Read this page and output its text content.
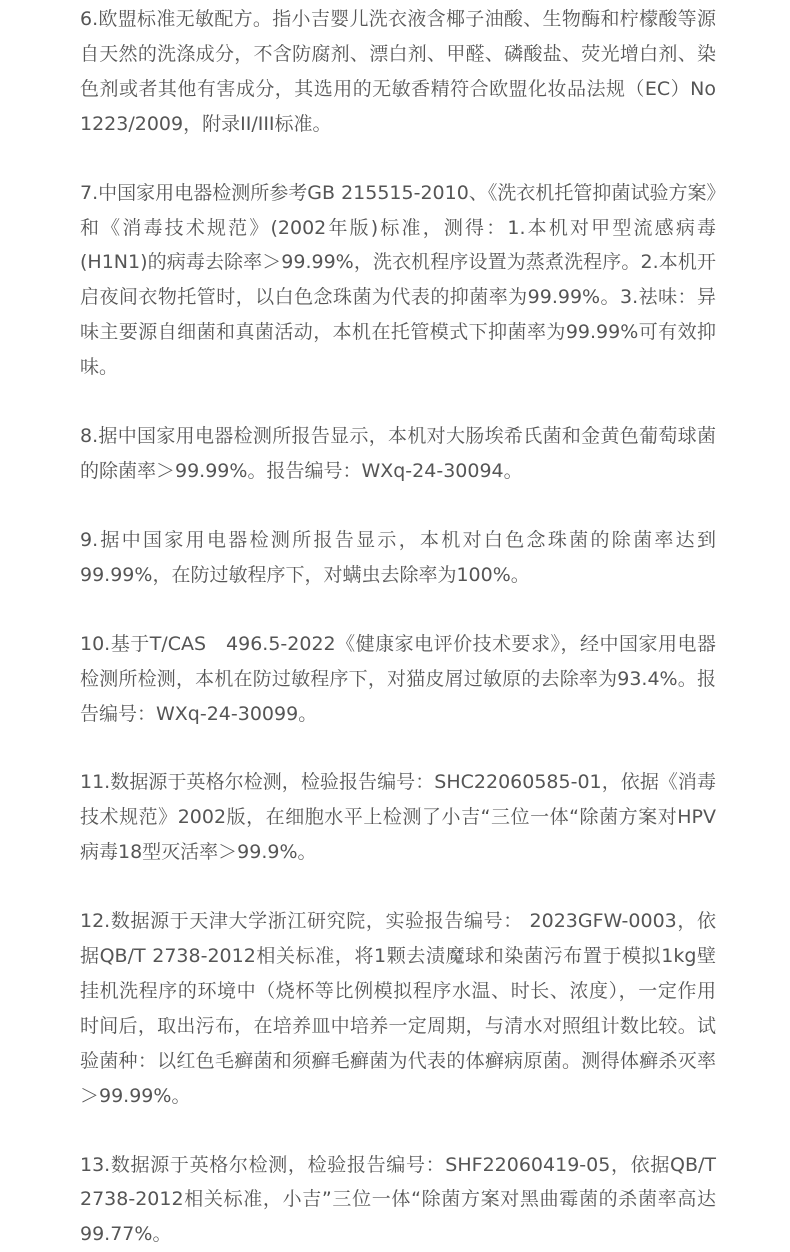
6.欧盟标准无敏配方。指小吉婴儿洗衣液含椰子油酸、生物酶和柠檬酸等源自天然的洗涤成分，不含防腐剂、漂白剂、甲醛、磷酸盐、荧光增白剂、染色剂或者其他有害成分，其选用的无敏香精符合欧盟化妆品法规（EC）No 1223/2009，附录II/III标准。

7.中国家用电器检测所参考GB 215515-2010、《洗衣机托管抑菌试验方案》和《消毒技术规范》(2002年版)标准，测得：1.本机对甲型流感病毒(H1N1)的病毒去除率＞99.99%，洗衣机程序设置为蒸煮洗程序。2.本机开启夜间衣物托管时，以白色念珠菌为代表的抑菌率为99.99%。3.祛味：异味主要源自细菌和真菌活动，本机在托管模式下抑菌率为99.99%可有效抑味。

8.据中国家用电器检测所报告显示，本机对大肠埃希氏菌和金黄色葡萄球菌的除菌率＞99.99%。报告编号：WXq-24-30094。

9.据中国家用电器检测所报告显示，本机对白色念珠菌的除菌率达到99.99%，在防过敏程序下，对螨虫去除率为100%。

10.基于T/CAS　496.5-2022《健康家电评价技术要求》，经中国家用电器检测所检测，本机在防过敏程序下，对猫皮屑过敏原的去除率为93.4%。报告编号：WXq-24-30099。

11.数据源于英格尔检测，检验报告编号：SHC22060585-01，依据《消毒技术规范》2002版，在细胞水平上检测了小吉“三位一体“除菌方案对HPV病毒18型灭活率＞99.9%。

12.数据源于天津大学浙江研究院，实验报告编号： 2023GFW-0003，依据QB/T 2738-2012相关标准，将1颗去渍魔球和染菌污布置于模拟1kg壁挂机洗程序的环境中（烧杯等比例模拟程序水温、时长、浓度），一定作用时间后，取出污布，在培养皿中培养一定周期，与清水对照组计数比较。试验菌种：以红色毛癣菌和须癣毛癣菌为代表的体癣病原菌。测得体癣杀灭率＞99.99%。

13.数据源于英格尔检测，检验报告编号：SHF22060419-05，依据QB/T 2738-2012相关标准，小吉”三位一体“除菌方案对黑曲霉菌的杀菌率高达99.77%。
